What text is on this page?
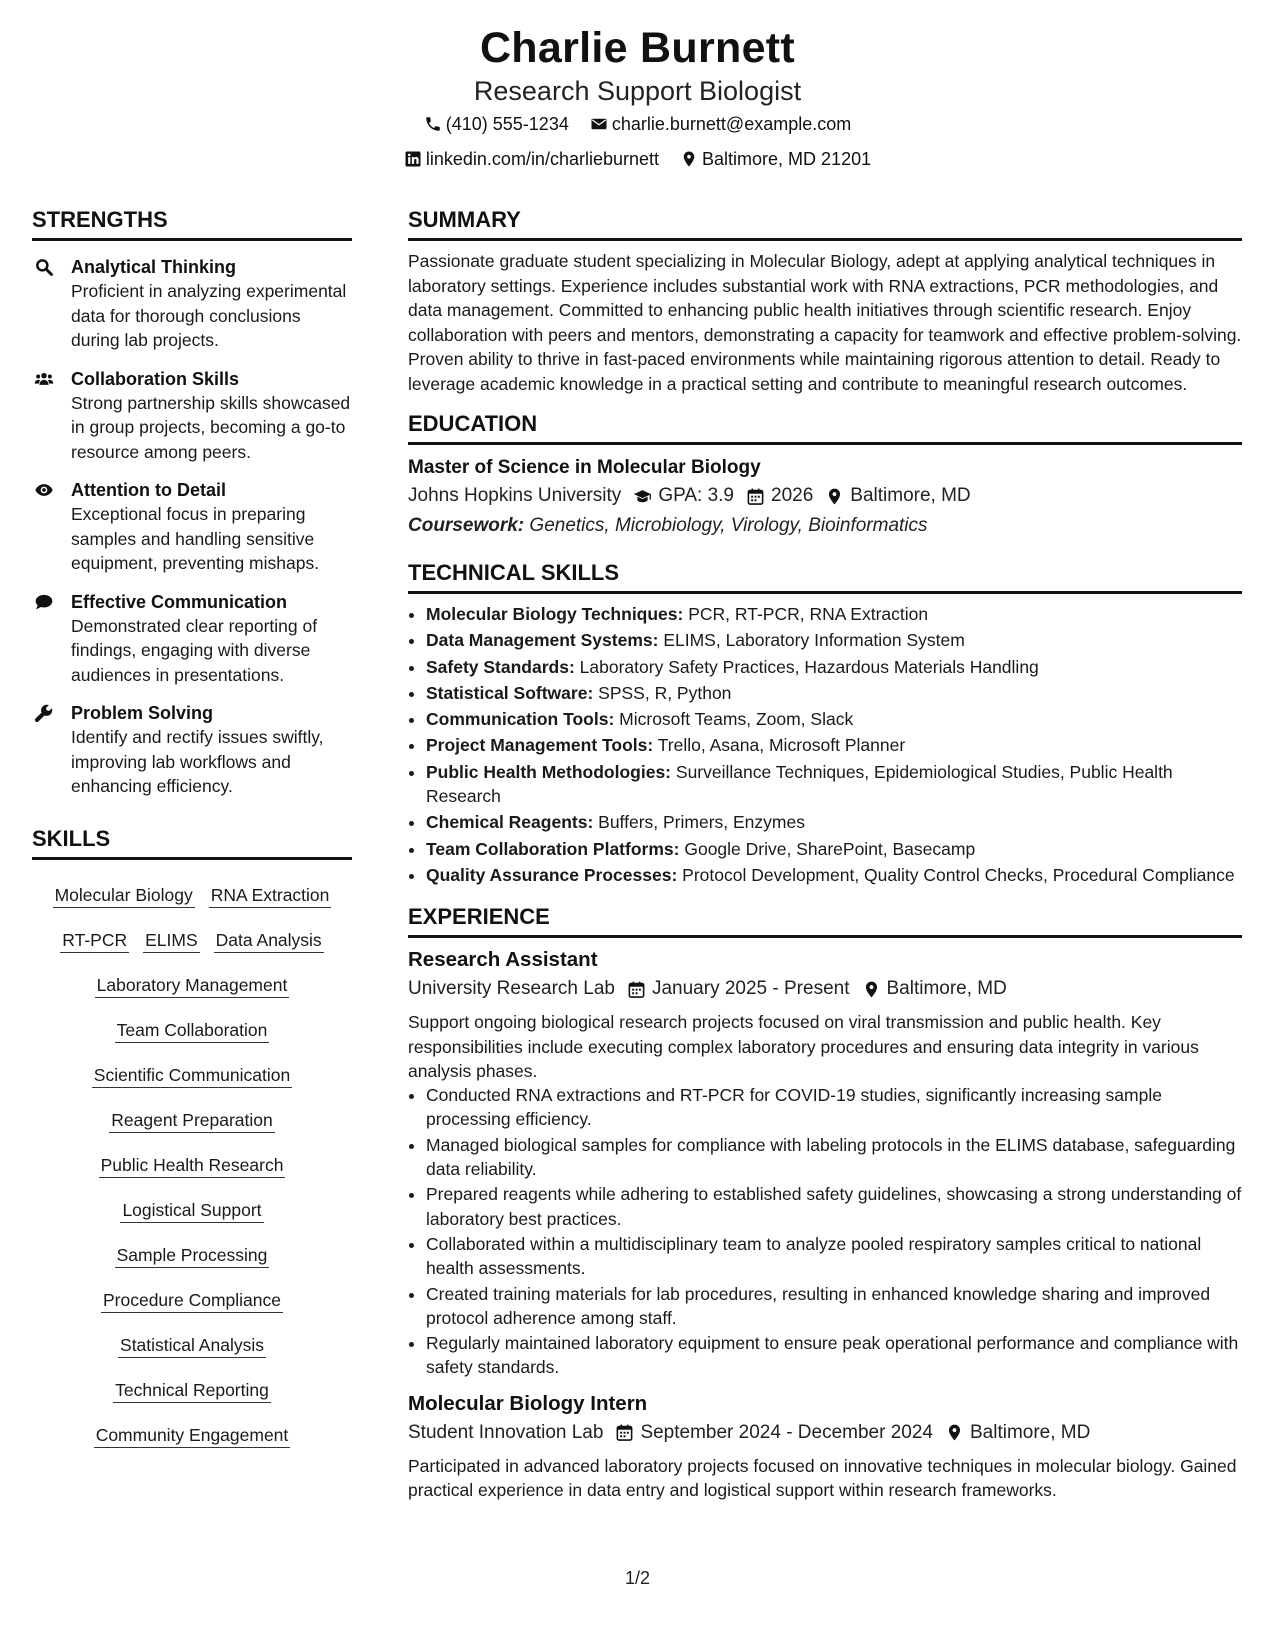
Charlie Burnett

Research Support Biologist

(410) 555-1234
charlie.burnett@example.com
linkedin.com/in/charlieburnett
Baltimore, MD 21201
STRENGTHS
Analytical Thinking
Proficient in analyzing experimental data for thorough conclusions during lab projects.
Collaboration Skills
Strong partnership skills showcased in group projects, becoming a go-to resource among peers.
Attention to Detail
Exceptional focus in preparing samples and handling sensitive equipment, preventing mishaps.
Effective Communication
Demonstrated clear reporting of findings, engaging with diverse audiences in presentations.
Problem Solving
Identify and rectify issues swiftly, improving lab workflows and enhancing efficiency.
SKILLS
Molecular Biology RNA Extraction
RT-PCR ELIMS Data Analysis
Laboratory Management
Team Collaboration
Scientific Communication
Reagent Preparation
Public Health Research
Logistical Support
Sample Processing
Procedure Compliance
Statistical Analysis
Technical Reporting
Community Engagement
SUMMARY
Passionate graduate student specializing in Molecular Biology, adept at applying analytical techniques in laboratory settings. Experience includes substantial work with RNA extractions, PCR methodologies, and data management. Committed to enhancing public health initiatives through scientific research. Enjoy collaboration with peers and mentors, demonstrating a capacity for teamwork and effective problem-solving. Proven ability to thrive in fast-paced environments while maintaining rigorous attention to detail. Ready to leverage academic knowledge in a practical setting and contribute to meaningful research outcomes.
EDUCATION
Master of Science in Molecular Biology
Johns Hopkins University GPA: 3.9 2026 Baltimore, MD
Coursework: Genetics, Microbiology, Virology, Bioinformatics
TECHNICAL SKILLS
• Molecular Biology Techniques: PCR, RT-PCR, RNA Extraction
• Data Management Systems: ELIMS, Laboratory Information System
• Safety Standards: Laboratory Safety Practices, Hazardous Materials Handling
• Statistical Software: SPSS, R, Python
• Communication Tools: Microsoft Teams, Zoom, Slack
• Project Management Tools: Trello, Asana, Microsoft Planner
• Public Health Methodologies: Surveillance Techniques, Epidemiological Studies, Public Health Research
• Chemical Reagents: Buffers, Primers, Enzymes
• Team Collaboration Platforms: Google Drive, SharePoint, Basecamp
• Quality Assurance Processes: Protocol Development, Quality Control Checks, Procedural Compliance
EXPERIENCE
Research Assistant
University Research Lab January 2025 - Present Baltimore, MD
Support ongoing biological research projects focused on viral transmission and public health. Key responsibilities include executing complex laboratory procedures and ensuring data integrity in various analysis phases.
• Conducted RNA extractions and RT-PCR for COVID-19 studies, significantly increasing sample processing efficiency.
• Managed biological samples for compliance with labeling protocols in the ELIMS database, safeguarding data reliability.
• Prepared reagents while adhering to established safety guidelines, showcasing a strong understanding of laboratory best practices.
• Collaborated within a multidisciplinary team to analyze pooled respiratory samples critical to national health assessments.
• Created training materials for lab procedures, resulting in enhanced knowledge sharing and improved protocol adherence among staff.
• Regularly maintained laboratory equipment to ensure peak operational performance and compliance with safety standards.
Molecular Biology Intern
Student Innovation Lab September 2024 - December 2024 Baltimore, MD
Participated in advanced laboratory projects focused on innovative techniques in molecular biology. Gained practical experience in data entry and logistical support within research frameworks.
1/2
